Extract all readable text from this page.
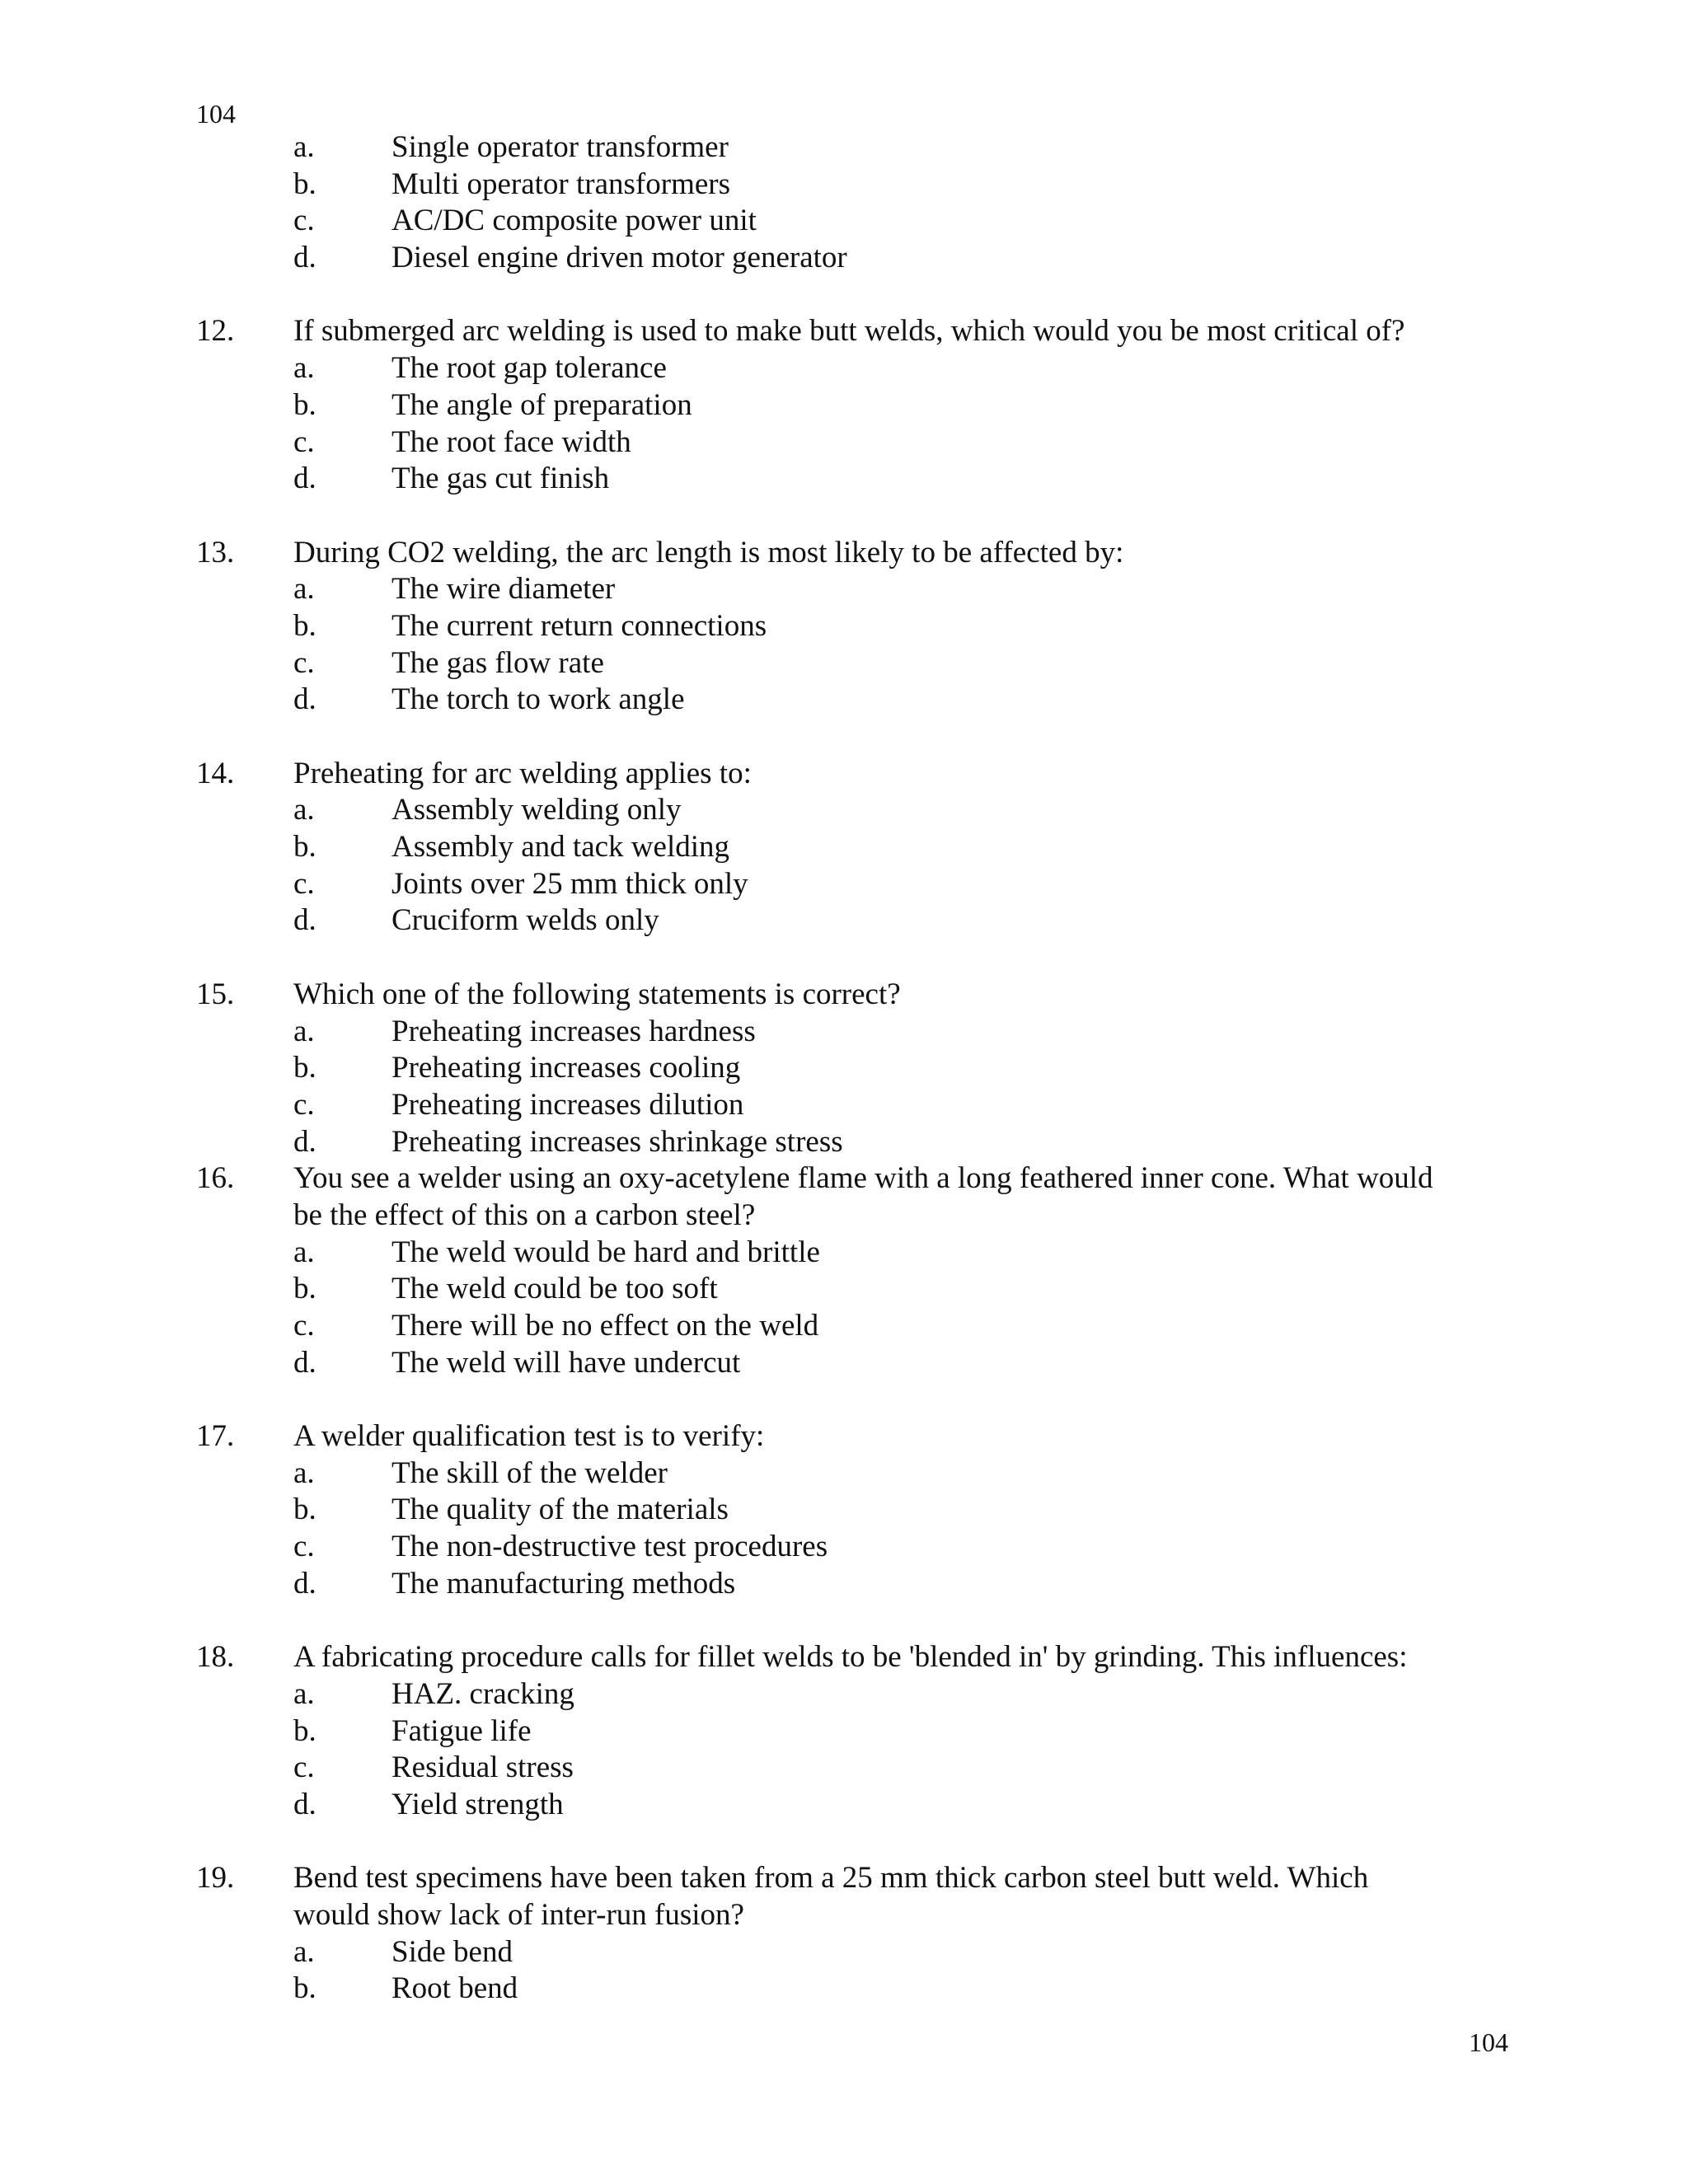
104
a.	Single operator transformer
b. Multi operator transformers
c.	AC/DC composite power unit
d. Diesel engine driven motor generator
12. If submerged arc welding is used to make butt welds, which would you be most critical of?
a.	The root gap tolerance
b. The angle of preparation
c.	The root face width
d. The gas cut finish
13. During CO2 welding, the arc length is most likely to be affected by:
a.	The wire diameter
b. The current return connections
c.	The gas flow rate
d. The torch to work angle
14. Preheating for arc welding applies to:
a.	Assembly welding only
b. Assembly and tack welding
c.	Joints over 25 mm thick only
d. Cruciform welds only
15. Which one of the following statements is correct?
a.	Preheating increases hardness
b. Preheating increases cooling
c.	Preheating increases dilution
d. Preheating increases shrinkage stress
16. You see a welder using an oxy-acetylene flame with a long feathered inner cone. What would
be the effect of this on a carbon steel?
a.	The weld would be hard and brittle
b. The weld could be too soft
c.	There will be no effect on the weld
d. The weld will have undercut
17. A welder qualification test is to verify:
a.	The skill of the welder
b. The quality of the materials
c.	The non-destructive test procedures
d. The manufacturing methods
18. A fabricating procedure calls for fillet welds to be 'blended in' by grinding. This influences:
a.	HAZ. cracking
b. Fatigue life
c.	Residual stress
d. Yield strength
19. Bend test specimens have been taken from a 25 mm thick carbon steel butt weld. Which
would show lack of inter-run fusion?
a.	Side bend
b. Root bend
104
